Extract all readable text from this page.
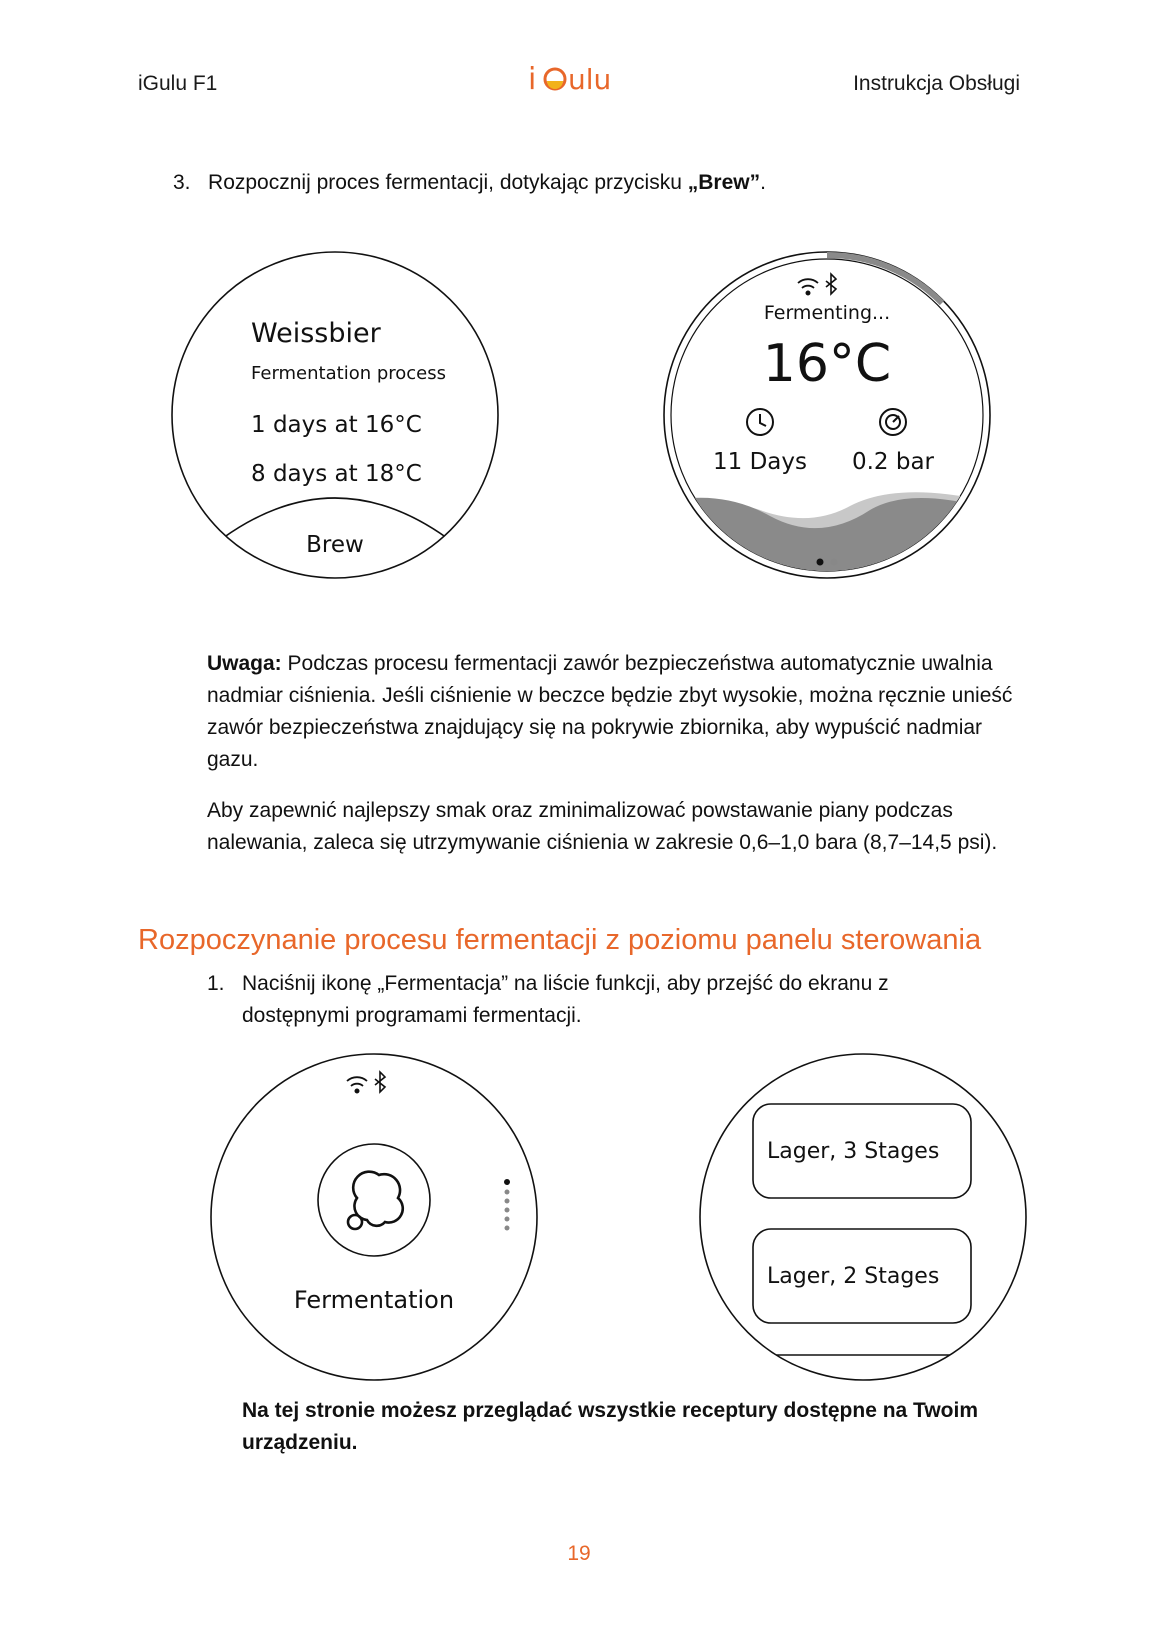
iGulu F1	i ulu	Instrukcja Obsługi
3. Rozpocznij proces fermentacji, dotykając przycisku „Brew”.
Weissbier
Fermentation process
1 days at 16°C
8 days at 18°C
Brew
Fermenting...
16°C
11 Days 0.2 bar
Uwaga: Podczas procesu fermentacji zawór bezpieczeństwa automatycznie uwalnia nadmiar ciśnienia. Jeśli ciśnienie w beczce będzie zbyt wysokie, można ręcznie unieść zawór bezpieczeństwa znajdujący się na pokrywie zbiornika, aby wypuścić nadmiar gazu.
Aby zapewnić najlepszy smak oraz zminimalizować powstawanie piany podczas nalewania, zaleca się utrzymywanie ciśnienia w zakresie 0,6–1,0 bara (8,7–14,5 psi).
Rozpoczynanie procesu fermentacji z poziomu panelu sterowania
1. Naciśnij ikonę „Fermentacja” na liście funkcji, aby przejść do ekranu z dostępnymi programami fermentacji.
Fermentation
Lager, 3 Stages
Lager, 2 Stages
Na tej stronie możesz przeglądać wszystkie receptury dostępne na Twoim urządzeniu.
19
